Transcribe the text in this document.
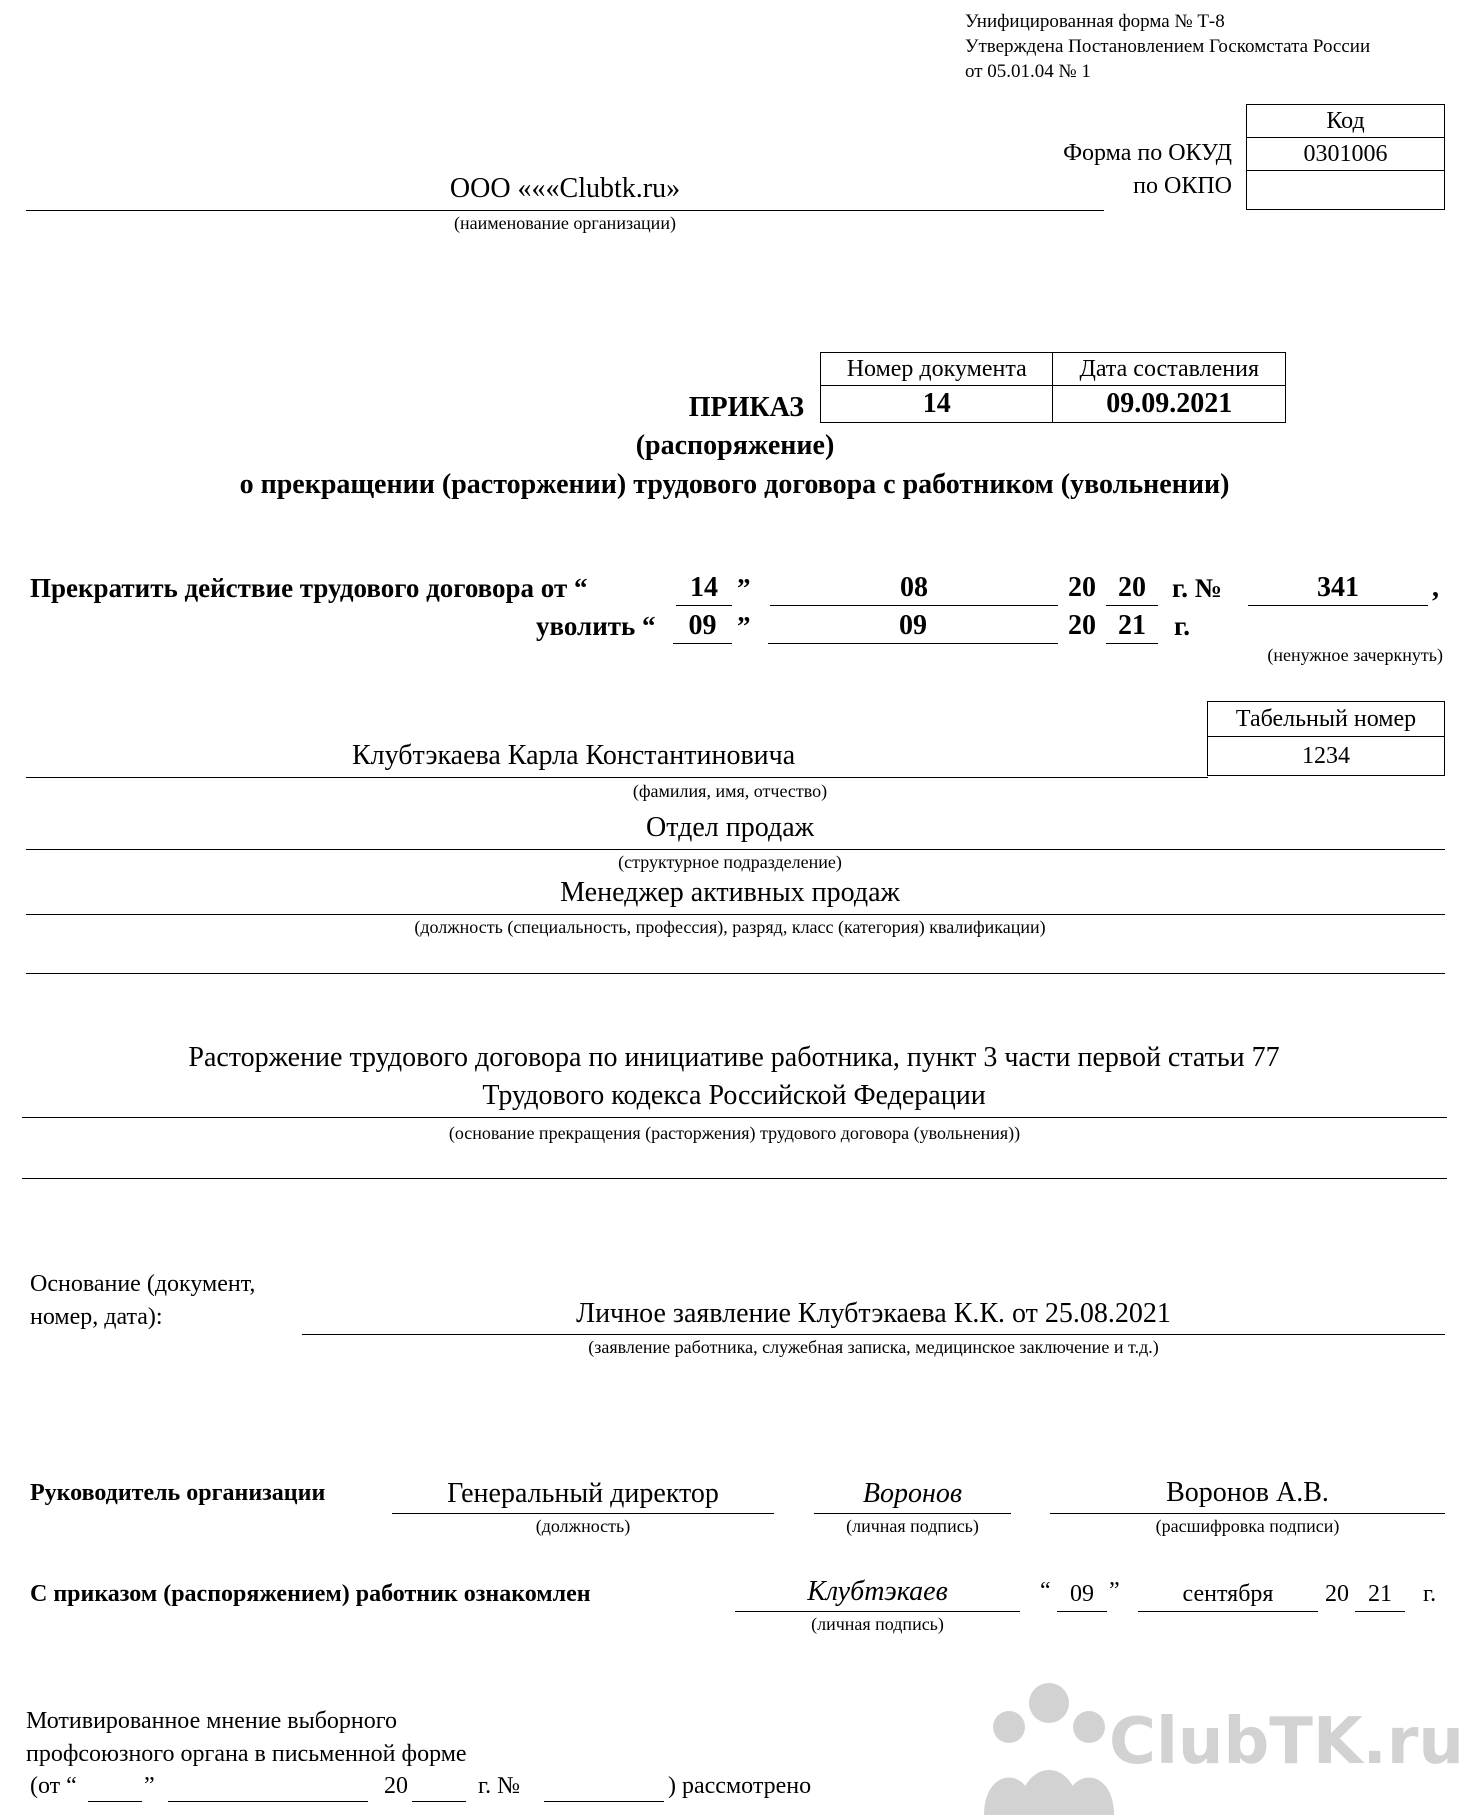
Унифицированная форма № Т-8
Утверждена Постановлением Госкомстата России
от 05.01.04 № 1
Код
0301006

Форма по ОКУД
по ОКПО
ООО «««Clubtk.ru»
(наименование организации)
Номер документа	Дата составления
14	09.09.2021
ПРИКАЗ
(распоряжение)
о прекращении (расторжении) трудового договора с работником (увольнении)
Прекратить действие трудового договора от “	14 ”	08	20 20 г. №	341	,
уволить “	09 ”	09	20 21	г.
(ненужное зачеркнуть)
Табельный номер
1234
Клубтэкаева Карла Константиновича
(фамилия, имя, отчество)
Отдел продаж
(структурное подразделение)
Менеджер активных продаж
(должность (специальность, профессия), разряд, класс (категория) квалификации)
Расторжение трудового договора по инициативе работника, пункт 3 части первой статьи 77
Трудового кодекса Российской Федерации
(основание прекращения (расторжения) трудового договора (увольнения))
Основание (документ,
номер, дата):	Личное заявление Клубтэкаева К.К. от 25.08.2021
(заявление работника, служебная записка, медицинское заключение и т.д.)
Руководитель организации	Генеральный директор
(должность)
Воронов
(личная подпись)
Воронов А.В.
(расшифровка подписи)
С приказом (распоряжением) работник ознакомлен	Клубтэкаев
(личная подпись)
“ 09 ”	сентября	20 21	г.
Мотивированное мнение выборного
профсоюзного органа в письменной форме
(от “	”	20	г. №	) рассмотрено
ClubTK.ru
